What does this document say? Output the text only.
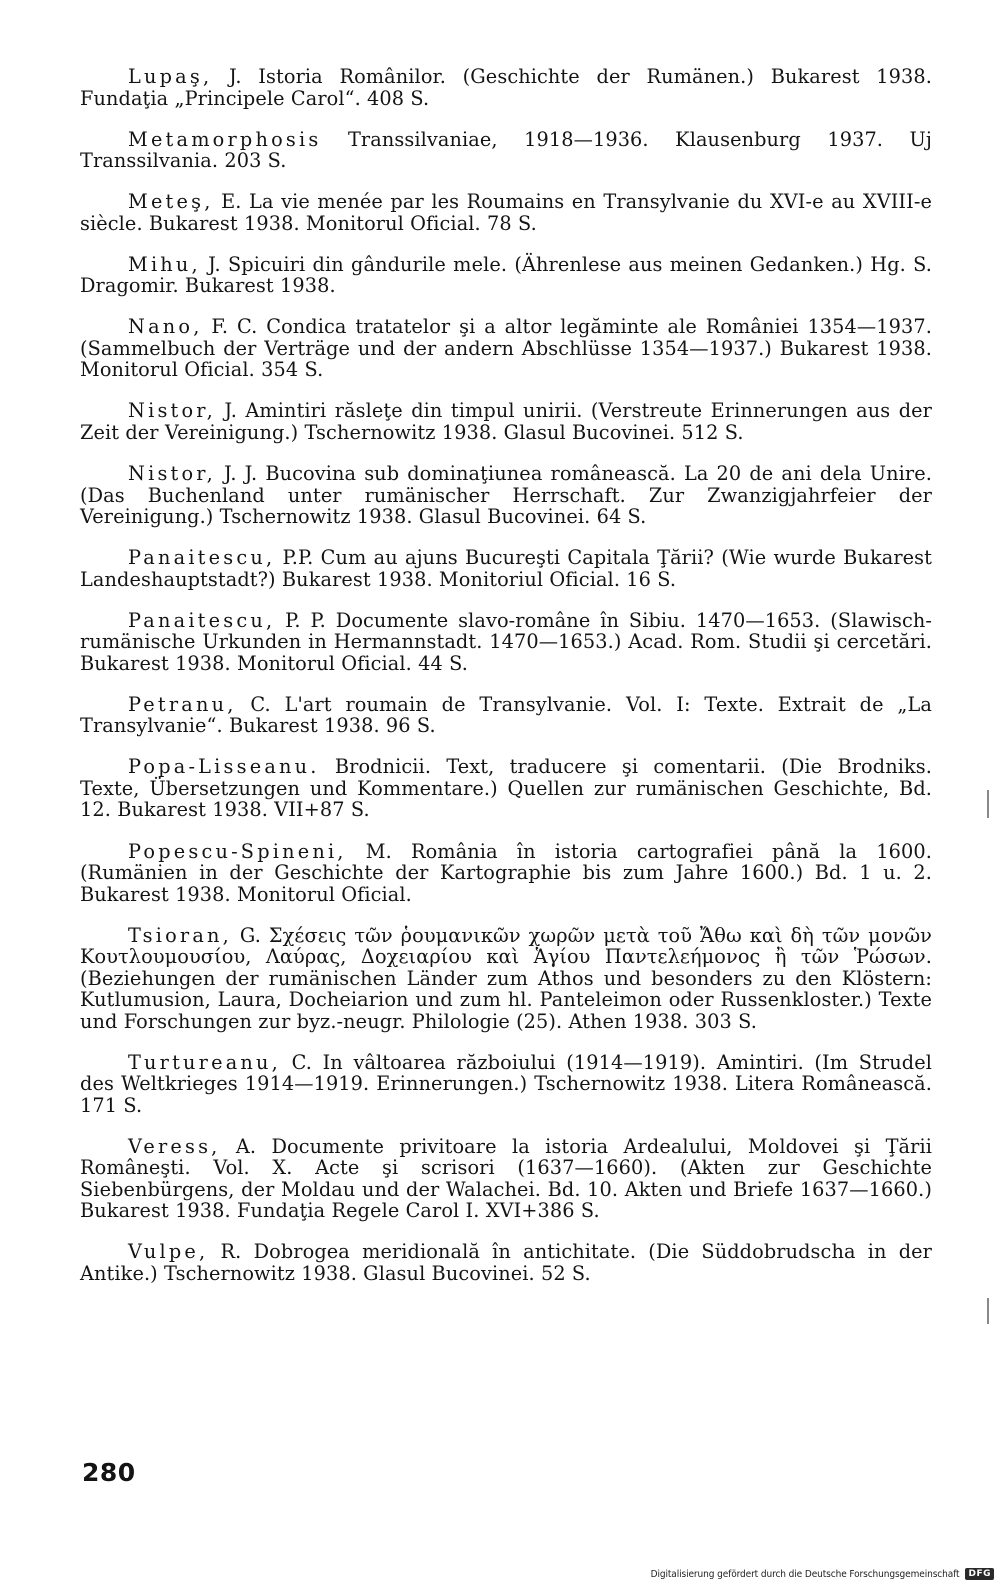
Lupaş, J. Istoria Românilor. (Geschichte der Rumänen.) Bukarest 1938. Fundaţia „Principele Carol“. 408 S.

Metamorphosis Transsilvaniae, 1918—1936. Klausenburg 1937. Uj Transsilvania. 203 S.

Meteş, E. La vie menée par les Roumains en Transylvanie du XVI-e au XVIII-e siècle. Bukarest 1938. Monitorul Oficial. 78 S.

Mihu, J. Spicuiri din gândurile mele. (Ährenlese aus meinen Gedanken.) Hg. S. Dragomir. Bukarest 1938.

Nano, F. C. Condica tratatelor şi a altor legăminte ale României 1354—1937. (Sammelbuch der Verträge und der andern Abschlüsse 1354—1937.) Bukarest 1938. Monitorul Oficial. 354 S.

Nistor, J. Amintiri răsleţe din timpul unirii. (Verstreute Erinnerungen aus der Zeit der Vereinigung.) Tschernowitz 1938. Glasul Bucovinei. 512 S.

Nistor, J. J. Bucovina sub dominaţiunea românească. La 20 de ani dela Unire. (Das Buchenland unter rumänischer Herrschaft. Zur Zwanzigjahrfeier der Vereinigung.) Tschernowitz 1938. Glasul Bucovinei. 64 S.

Panaitescu, P.P. Cum au ajuns Bucureşti Capitala Ţării? (Wie wurde Bukarest Landeshauptstadt?) Bukarest 1938. Monitoriul Oficial. 16 S.

Panaitescu, P. P. Documente slavo-române în Sibiu. 1470—1653. (Slawisch-rumänische Urkunden in Hermannstadt. 1470—1653.) Acad. Rom. Studii şi cercetări. Bukarest 1938. Monitorul Oficial. 44 S.

Petranu, C. L'art roumain de Transylvanie. Vol. I: Texte. Extrait de „La Transylvanie“. Bukarest 1938. 96 S.

Popa-Lisseanu. Brodnicii. Text, traducere şi comentarii. (Die Brodniks. Texte, Übersetzungen und Kommentare.) Quellen zur rumänischen Geschichte, Bd. 12. Bukarest 1938. VII+87 S.

Popescu-Spineni, M. România în istoria cartografiei până la 1600. (Rumänien in der Geschichte der Kartographie bis zum Jahre 1600.) Bd. 1 u. 2. Bukarest 1938. Monitorul Oficial.

Tsioran, G. Σχέσεις τῶν ῥουμανικῶν χωρῶν μετὰ τοῦ Ἄθω καὶ δὴ τῶν μονῶν Κουτλουμουσίου, Λαύρας, Δοχειαρίου καὶ Ἁγίου Παντελεήμονος ἢ τῶν Ῥώσων. (Beziehungen der rumänischen Länder zum Athos und besonders zu den Klöstern: Kutlumusion, Laura, Docheiarion und zum hl. Panteleimon oder Russenkloster.) Texte und Forschungen zur byz.-neugr. Philologie (25). Athen 1938. 303 S.

Turtureanu, C. In vâltoarea războiului (1914—1919). Amintiri. (Im Strudel des Weltkrieges 1914—1919. Erinnerungen.) Tschernowitz 1938. Litera Românească. 171 S.

Veress, A. Documente privitoare la istoria Ardealului, Moldovei şi Ţării Româneşti. Vol. X. Acte şi scrisori (1637—1660). (Akten zur Geschichte Siebenbürgens, der Moldau und der Walachei. Bd. 10. Akten und Briefe 1637—1660.) Bukarest 1938. Fundaţia Regele Carol I. XVI+386 S.

Vulpe, R. Dobrogea meridională în antichitate. (Die Süddobrudscha in der Antike.) Tschernowitz 1938. Glasul Bucovinei. 52 S.

280
Digitalisierung gefördert durch die Deutsche Forschungsgemeinschaft	DFG
